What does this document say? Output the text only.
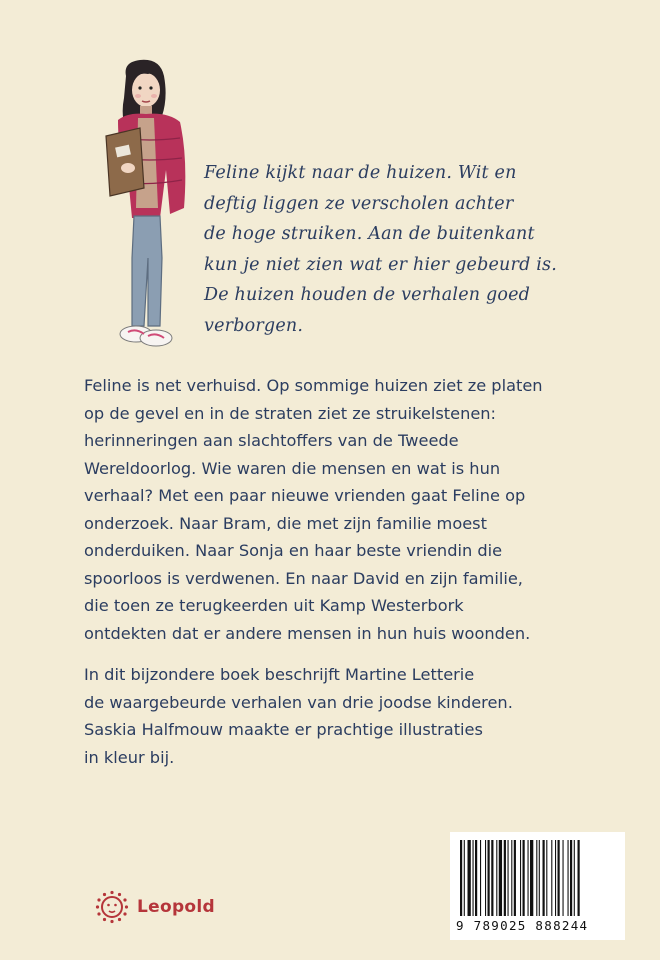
Feline kijkt naar de huizen. Wit en

deftig liggen ze verscholen achter

de hoge struiken. Aan de buitenkant

kun je niet zien wat er hier gebeurd is.

De huizen houden de verhalen goed

verborgen.

Feline is net verhuisd. Op sommige huizen ziet ze platen

op de gevel en in de straten ziet ze struikelstenen:

herinneringen aan slachtoffers van de Tweede

Wereldoorlog. Wie waren die mensen en wat is hun

verhaal? Met een paar nieuwe vrienden gaat Feline op

onderzoek. Naar Bram, die met zijn familie moest

onderduiken. Naar Sonja en haar beste vriendin die

spoorloos is verdwenen. En naar David en zijn familie,

die toen ze terugkeerden uit Kamp Westerbork

ontdekten dat er andere mensen in hun huis woonden.

In dit bijzondere boek beschrijft Martine Letterie

de waargebeurde verhalen van drie joodse kinderen.

Saskia Halfmouw maakte er prachtige illustraties

in kleur bij.

Leopold
9 789025 888244
